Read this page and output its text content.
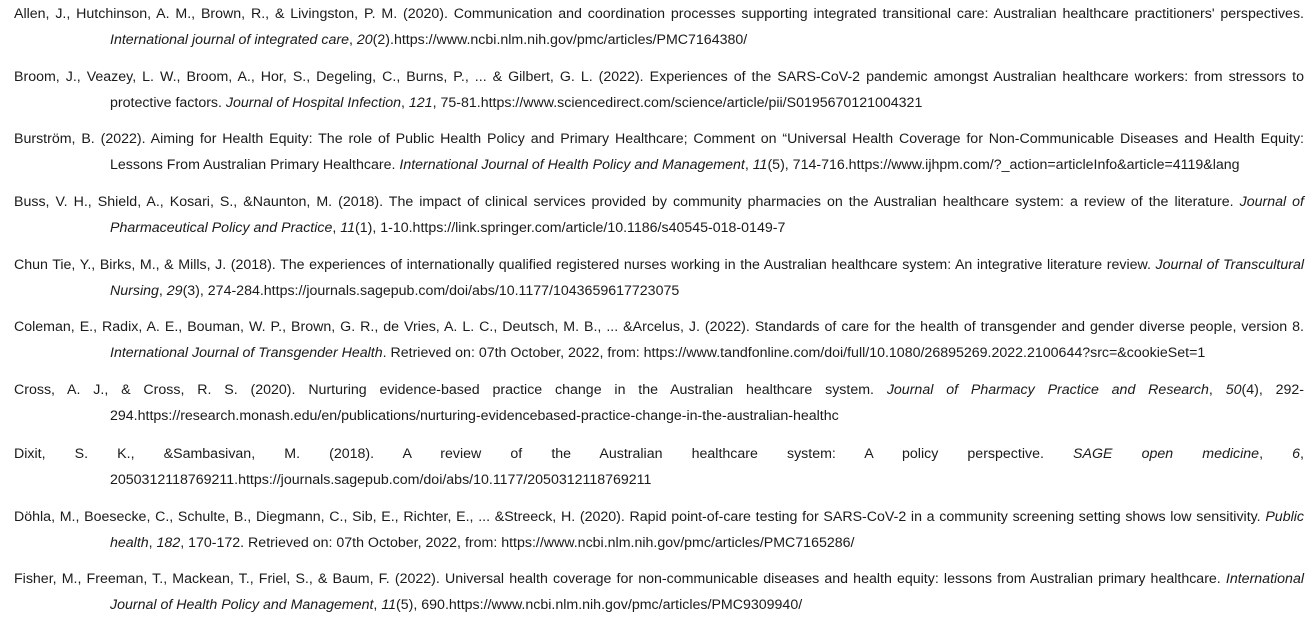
Allen, J., Hutchinson, A. M., Brown, R., & Livingston, P. M. (2020). Communication and coordination processes supporting integrated transitional care: Australian healthcare practitioners' perspectives. International journal of integrated care, 20(2).https://www.ncbi.nlm.nih.gov/pmc/articles/PMC7164380/

Broom, J., Veazey, L. W., Broom, A., Hor, S., Degeling, C., Burns, P., ... & Gilbert, G. L. (2022). Experiences of the SARS-CoV-2 pandemic amongst Australian healthcare workers: from stressors to protective factors. Journal of Hospital Infection, 121, 75-81.https://www.sciencedirect.com/science/article/pii/S0195670121004321

Burström, B. (2022). Aiming for Health Equity: The role of Public Health Policy and Primary Healthcare; Comment on “Universal Health Coverage for Non-Communicable Diseases and Health Equity: Lessons From Australian Primary Healthcare. International Journal of Health Policy and Management, 11(5), 714-716.https://www.ijhpm.com/?_action=articleInfo&article=4119&lang

Buss, V. H., Shield, A., Kosari, S., &Naunton, M. (2018). The impact of clinical services provided by community pharmacies on the Australian healthcare system: a review of the literature. Journal of Pharmaceutical Policy and Practice, 11(1), 1-10.https://link.springer.com/article/10.1186/s40545-018-0149-7

Chun Tie, Y., Birks, M., & Mills, J. (2018). The experiences of internationally qualified registered nurses working in the Australian healthcare system: An integrative literature review. Journal of Transcultural Nursing, 29(3), 274-284.https://journals.sagepub.com/doi/abs/10.1177/1043659617723075

Coleman, E., Radix, A. E., Bouman, W. P., Brown, G. R., de Vries, A. L. C., Deutsch, M. B., ... &Arcelus, J. (2022). Standards of care for the health of transgender and gender diverse people, version 8. International Journal of Transgender Health. Retrieved on: 07th October, 2022, from: https://www.tandfonline.com/doi/full/10.1080/26895269.2022.2100644?src=&cookieSet=1

Cross, A. J., & Cross, R. S. (2020). Nurturing evidence-based practice change in the Australian healthcare system. Journal of Pharmacy Practice and Research, 50(4), 292-294.https://research.monash.edu/en/publications/nurturing-evidencebased-practice-change-in-the-australian-healthc

Dixit, S. K., &Sambasivan, M. (2018). A review of the Australian healthcare system: A policy perspective. SAGE open medicine, 6, 2050312118769211.https://journals.sagepub.com/doi/abs/10.1177/2050312118769211

Döhla, M., Boesecke, C., Schulte, B., Diegmann, C., Sib, E., Richter, E., ... &Streeck, H. (2020). Rapid point-of-care testing for SARS-CoV-2 in a community screening setting shows low sensitivity. Public health, 182, 170-172. Retrieved on: 07th October, 2022, from: https://www.ncbi.nlm.nih.gov/pmc/articles/PMC7165286/

Fisher, M., Freeman, T., Mackean, T., Friel, S., & Baum, F. (2022). Universal health coverage for non-communicable diseases and health equity: lessons from Australian primary healthcare. International Journal of Health Policy and Management, 11(5), 690.https://www.ncbi.nlm.nih.gov/pmc/articles/PMC9309940/
